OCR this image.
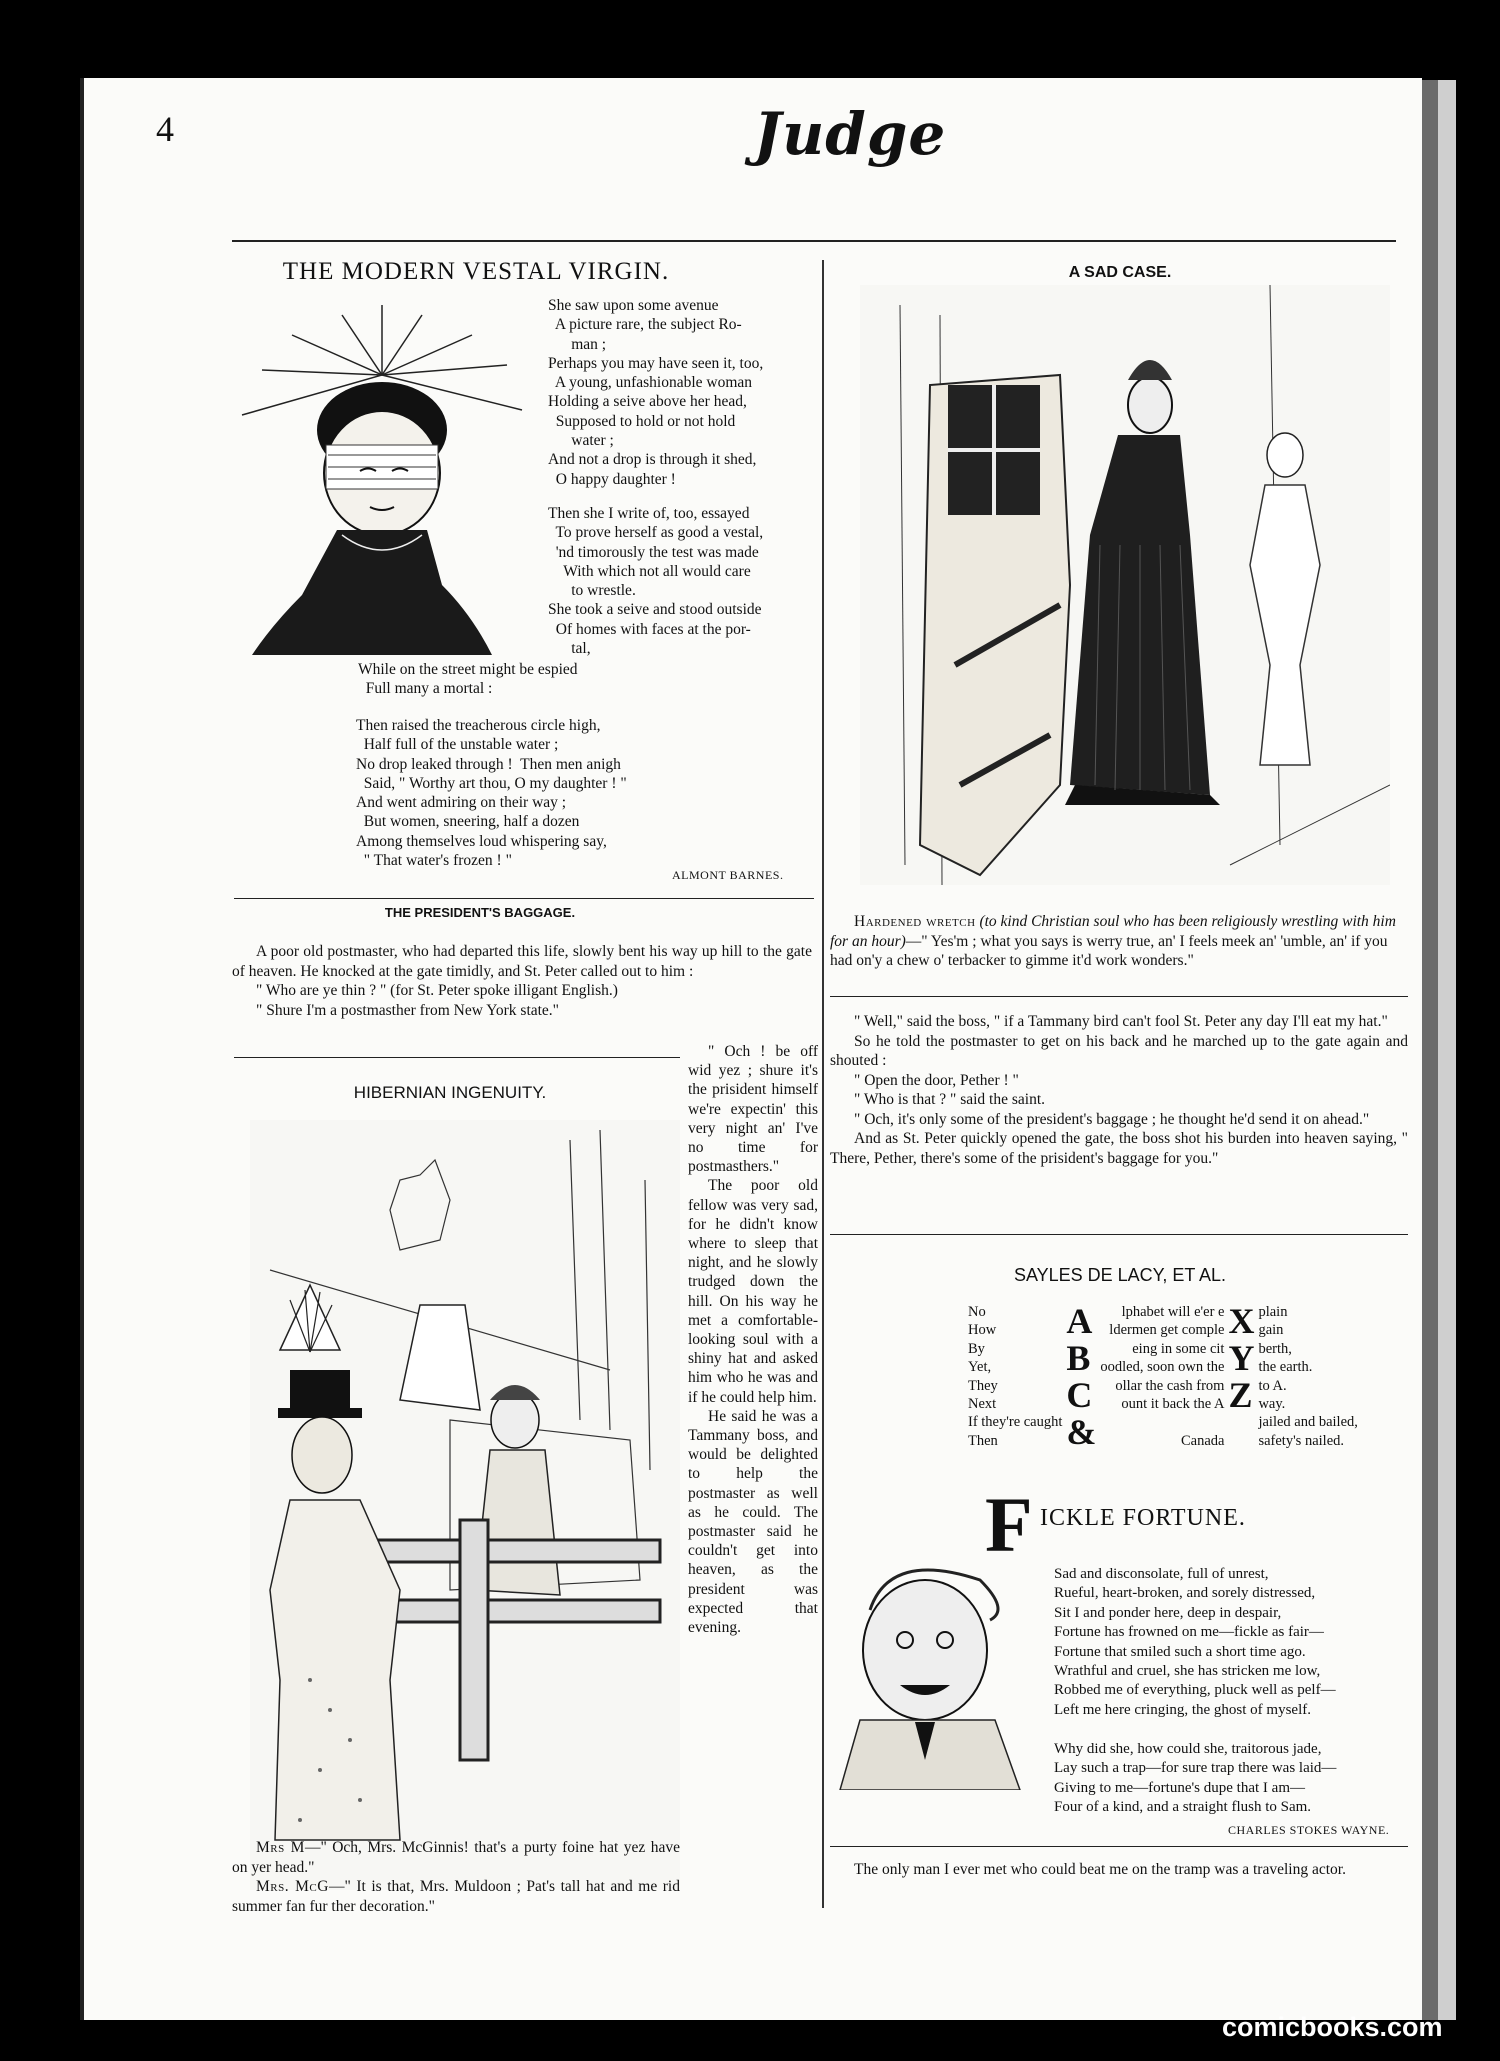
4	Judge
THE MODERN VESTAL VIRGIN.
She saw upon some avenue
A picture rare, the subject Ro-
man ;
Perhaps you may have seen it, too,
A young, unfashionable woman
Holding a seive above her head,
Supposed to hold or not hold
water ;
And not a drop is through it shed,
O happy daughter !
Then she I write of, too, essayed
To prove herself as good a vestal,
'nd timorously the test was made
With which not all would care
to wrestle.
She took a seive and stood outside
Of homes with faces at the por-
tal,
While on the street might be espied
Full many a mortal :
Then raised the treacherous circle high,
Half full of the unstable water ;
No drop leaked through !  Then men anigh
Said, " Worthy art thou, O my daughter ! "
And went admiring on their way ;
But women, sneering, half a dozen
Among themselves loud whispering say,
" That water's frozen ! "
ALMONT BARNES.
A SAD CASE.

Hardened wretch (to kind Christian soul who has been religiously wrestling with him for an hour)—" Yes'm ; what you says is werry true, an' I feels meek an' 'umble, an' if you had on'y a chew o' terbacker to gimme it'd work wonders."

THE PRESIDENT'S BAGGAGE.

A poor old postmaster, who had departed this life, slowly bent his way up hill to the gate of heaven. He knocked at the gate timidly, and St. Peter called out to him :

" Who are ye thin ? " (for St. Peter spoke illigant English.)

" Shure I'm a postmasther from New York state."

" Och ! be off wid yez ; shure it's the prisident himself we're expectin' this very night an' I've no time for postmasthers."

The poor old fellow was very sad, for he didn't know where to sleep that night, and he slowly trudged down the hill. On his way he met a comfortable-looking soul with a shiny hat and asked him who he was and if he could help him.

He said he was a Tammany boss, and would be delighted to help the postmaster as well as he could. The postmaster said he couldn't get into heaven, as the president was expected that evening.

" Well," said the boss, " if a Tammany bird can't fool St. Peter any day I'll eat my hat."

So he told the postmaster to get on his back and he marched up to the gate again and shouted :

" Open the door, Pether ! "

" Who is that ? " said the saint.

" Och, it's only some of the president's baggage ; he thought he'd send it on ahead."

And as St. Peter quickly opened the gate, the boss shot his burden into heaven saying, " There, Pether, there's some of the prisident's baggage for you."

HIBERNIAN INGENUITY.

Mrs M—" Och, Mrs. McGinnis! that's a purty foine hat yez have on yer head."

Mrs. McG—" It is that, Mrs. Muldoon ; Pat's tall hat and me rid summer fan fur ther decoration."

SAYLES DE LACY, ET AL.
No	A	lphabet will e'er e	X	plain
How		ldermen get comple		gain
By	B	eing in some cit	Y	berth,
Yet,		oodled, soon own the		the earth.
They	C	ollar the cash from	Z	to A.
Next		ount it back the A		way.
If they're caught	&			jailed and bailed,
Then		Canada		safety's nailed.
F ICKLE FORTUNE.
Sad and disconsolate, full of unrest,
Rueful, heart-broken, and sorely distressed,
Sit I and ponder here, deep in despair,
Fortune has frowned on me—fickle as fair—
Fortune that smiled such a short time ago.
Wrathful and cruel, she has stricken me low,
Robbed me of everything, pluck well as pelf—
Left me here cringing, the ghost of myself.
Why did she, how could she, traitorous jade,
Lay such a trap—for sure trap there was laid—
Giving to me—fortune's dupe that I am—
Four of a kind, and a straight flush to Sam.
CHARLES STOKES WAYNE.

The only man I ever met who could beat me on the tramp was a traveling actor.

comicbooks.com
